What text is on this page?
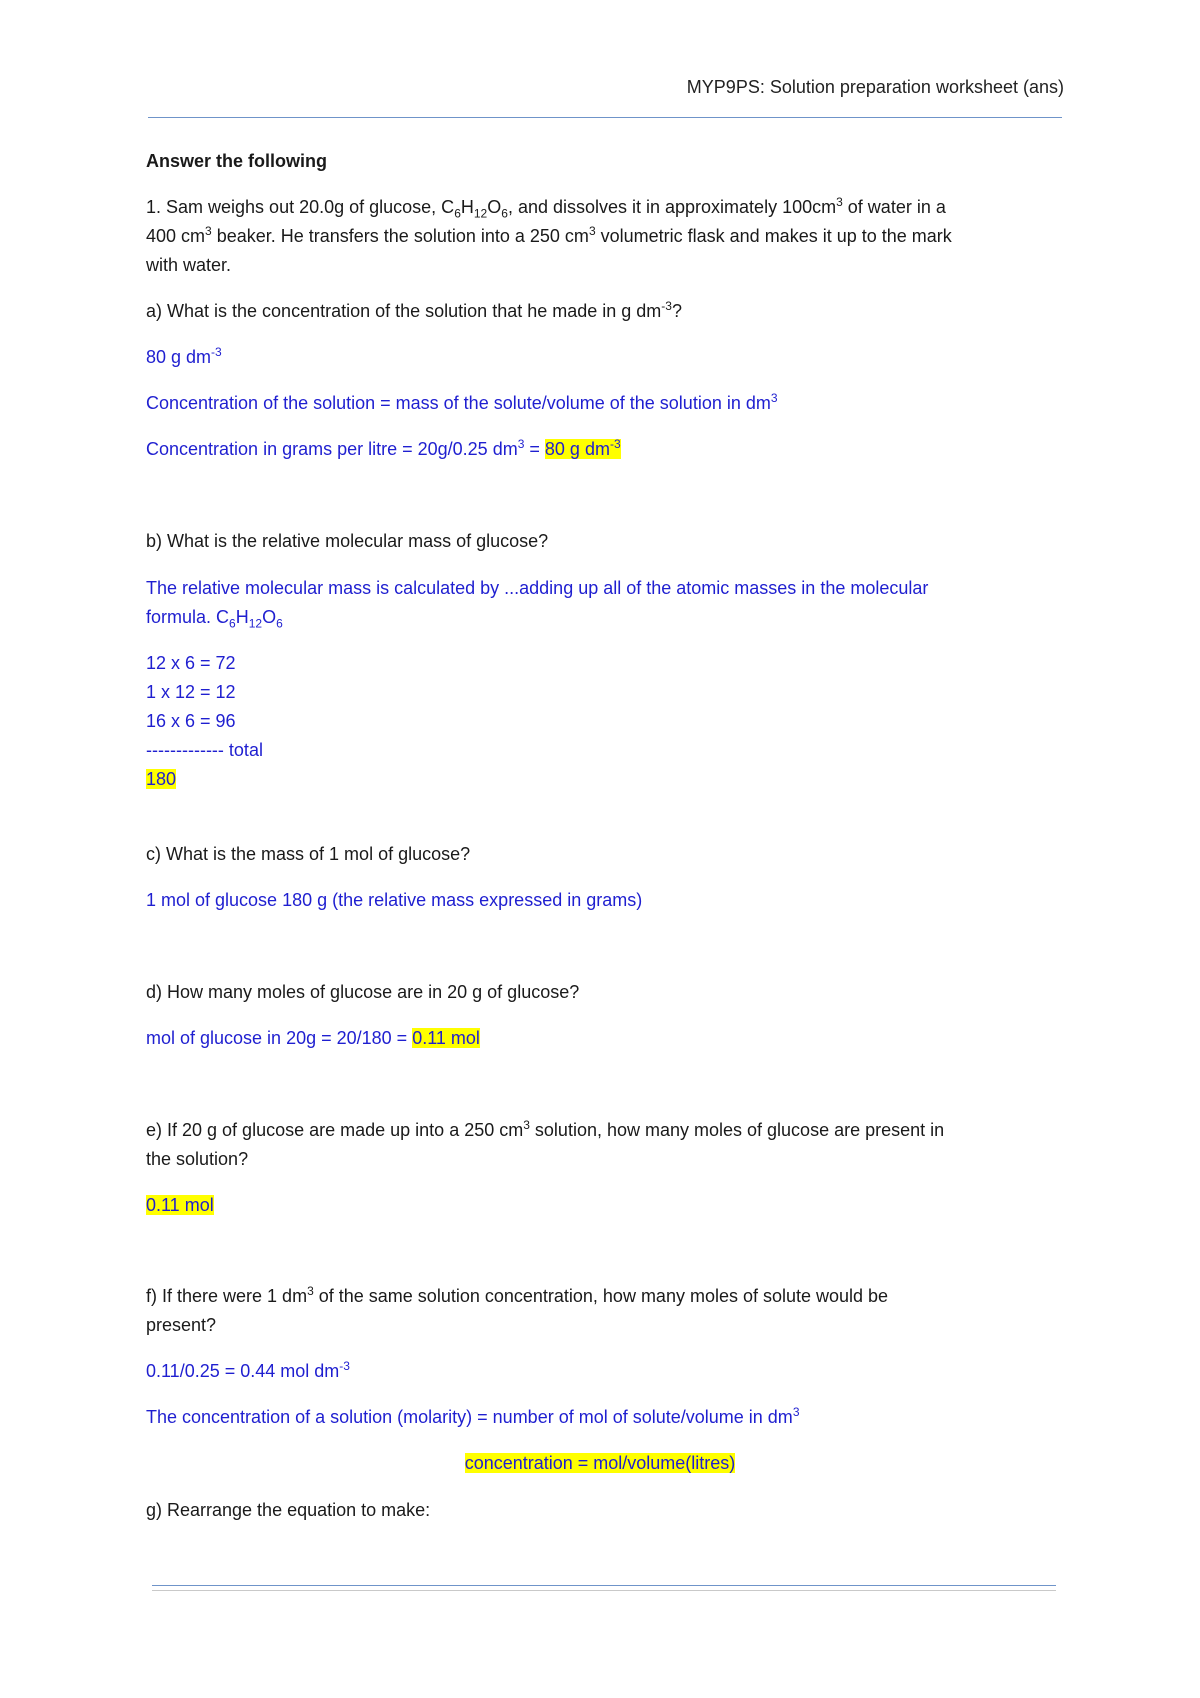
MYP9PS: Solution preparation worksheet (ans)
Answer the following
1. Sam weighs out 20.0g of glucose, $C_6H_{12}O_6$, and dissolves it in approximately $100cm^3$ of water in a
400 $cm^3$ beaker. He transfers the solution into a 250 $cm^3$ volumetric flask and makes it up to the mark
with water.
a) What is the concentration of the solution that he made in g $dm^{-3}$?
80 g $dm^{-3}$
Concentration of the solution = mass of the solute/volume of the solution in $dm^3$
Concentration in grams per litre = 20g/0.25 $dm^3 = 80$ g $dm^{-3}$
b) What is the relative molecular mass of glucose?
The relative molecular mass is calculated by ...adding up all of the atomic masses in the molecular
formula. $C_6H_{12}O_6$
12 x 6 = 72
1 x 12 = 12
16 x 6 = 96
------------- total
180
c) What is the mass of 1 mol of glucose?
1 mol of glucose 180 g (the relative mass expressed in grams)
d) How many moles of glucose are in 20 g of glucose?
mol of glucose in 20g = 20/180 = 0.11 mol
e) If 20 g of glucose are made up into a 250 $cm^3$ solution, how many moles of glucose are present in
the solution?
0.11 mol
f) If there were 1 $dm^3$ of the same solution concentration, how many moles of solute would be
present?
0.11/0.25 = 0.44 mol $dm^{-3}$
The concentration of a solution (molarity) = number of mol of solute/volume in $dm^3$
concentration = mol/volume(litres)
g) Rearrange the equation to make:
